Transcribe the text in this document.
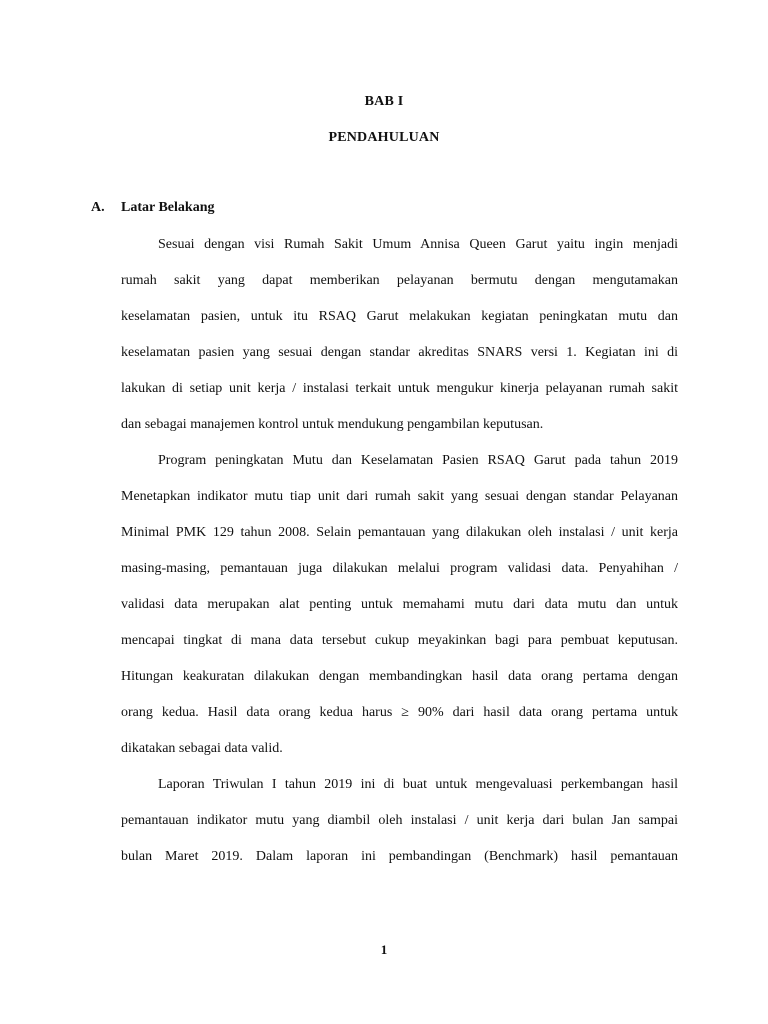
BAB I
PENDAHULUAN
A. Latar Belakang
Sesuai dengan visi Rumah Sakit Umum Annisa Queen Garut yaitu ingin menjadi
rumah sakit yang dapat memberikan pelayanan bermutu dengan mengutamakan
keselamatan pasien, untuk itu RSAQ Garut melakukan kegiatan peningkatan mutu dan
keselamatan pasien yang sesuai dengan standar akreditas SNARS versi 1. Kegiatan ini di
lakukan di setiap unit kerja / instalasi terkait untuk mengukur kinerja pelayanan rumah sakit
dan sebagai manajemen kontrol untuk mendukung pengambilan keputusan.
Program peningkatan Mutu dan Keselamatan Pasien RSAQ Garut pada tahun 2019
Menetapkan indikator mutu tiap unit dari rumah sakit yang sesuai dengan standar Pelayanan
Minimal PMK 129 tahun 2008. Selain pemantauan yang dilakukan oleh instalasi / unit kerja
masing-masing, pemantauan juga dilakukan melalui program validasi data. Penyahihan /
validasi data merupakan alat penting untuk memahami mutu dari data mutu dan untuk
mencapai tingkat di mana data tersebut cukup meyakinkan bagi para pembuat keputusan.
Hitungan keakuratan dilakukan dengan membandingkan hasil data orang pertama dengan
orang kedua. Hasil data orang kedua harus ≥ 90% dari hasil data orang pertama untuk
dikatakan sebagai data valid.
Laporan Triwulan I tahun 2019 ini di buat untuk mengevaluasi perkembangan hasil
pemantauan indikator mutu yang diambil oleh instalasi / unit kerja dari bulan Jan sampai
bulan Maret 2019. Dalam laporan ini pembandingan (Benchmark) hasil pemantauan
1
